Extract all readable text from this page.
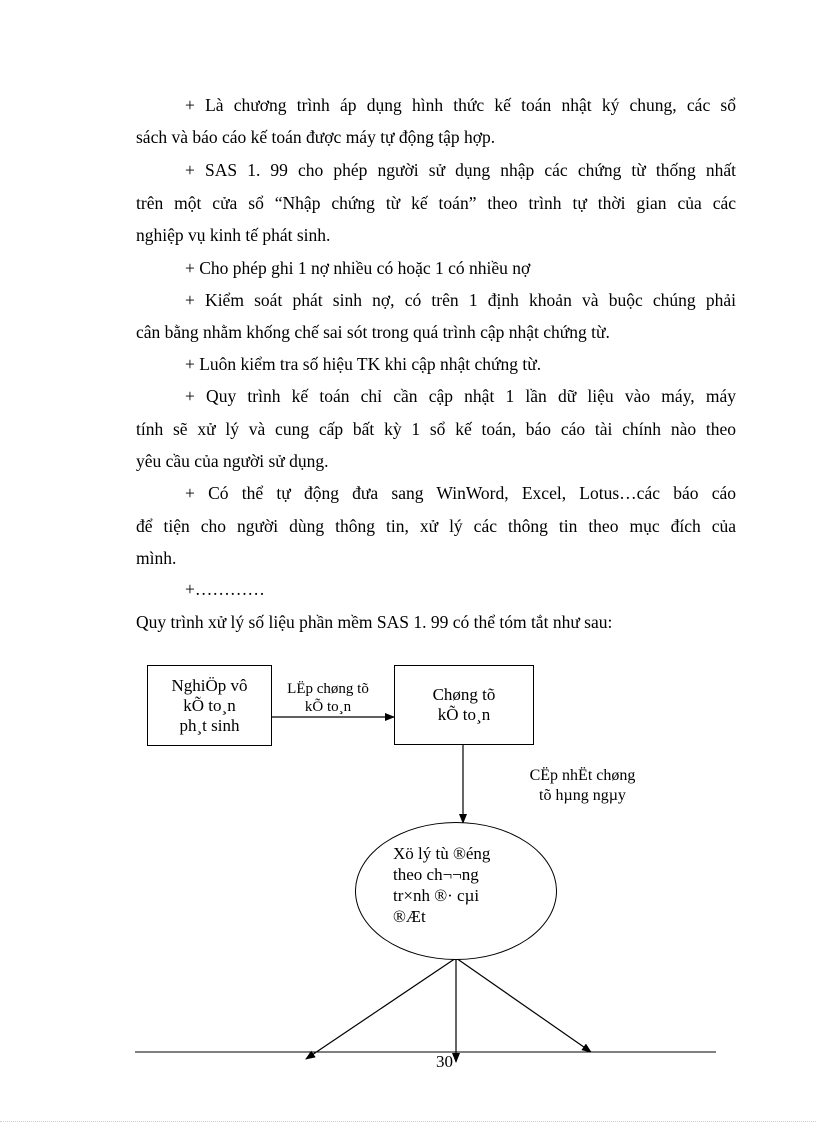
+ Là chương trình áp dụng hình thức kế toán nhật ký chung, các sổ
sách và báo cáo kế toán được máy tự động tập hợp.
+ SAS 1. 99 cho phép người sử dụng nhập các chứng từ thống nhất
trên một cửa sổ “Nhập chứng từ kế toán” theo trình tự thời gian của các
nghiệp vụ kinh tế phát sinh.
+ Cho phép ghi 1 nợ nhiều có hoặc 1 có nhiều nợ
+ Kiểm soát phát sinh nợ, có trên 1 định khoản và buộc chúng phải
cân bằng nhằm khống chế sai sót trong quá trình cập nhật chứng từ.
+ Luôn kiểm tra số hiệu TK khi cập nhật chứng từ.
+ Quy trình kế toán chỉ cần cập nhật 1 lần dữ liệu vào máy, máy
tính sẽ xử lý và cung cấp bất kỳ 1 sổ kế toán, báo cáo tài chính nào theo
yêu cầu của người sử dụng.
+ Có thể tự động đưa sang WinWord, Excel, Lotus…các báo cáo
để tiện cho người dùng thông tin, xử lý các thông tin theo mục đích của
mình.
+…………
Quy trình xử lý số liệu phần mềm SAS 1. 99 có thể tóm tắt như sau:
NghiÖp vô
kÕ to¸n
ph¸t sinh
LËp chøng tõ
kÕ to¸n
Chøng tõ
kÕ to¸n
CËp nhËt chøng
tõ hµng ngµy
Xö lý tù ®éng
theo ch¬¬ng
tr×nh ®· cµi
®Æt
30
